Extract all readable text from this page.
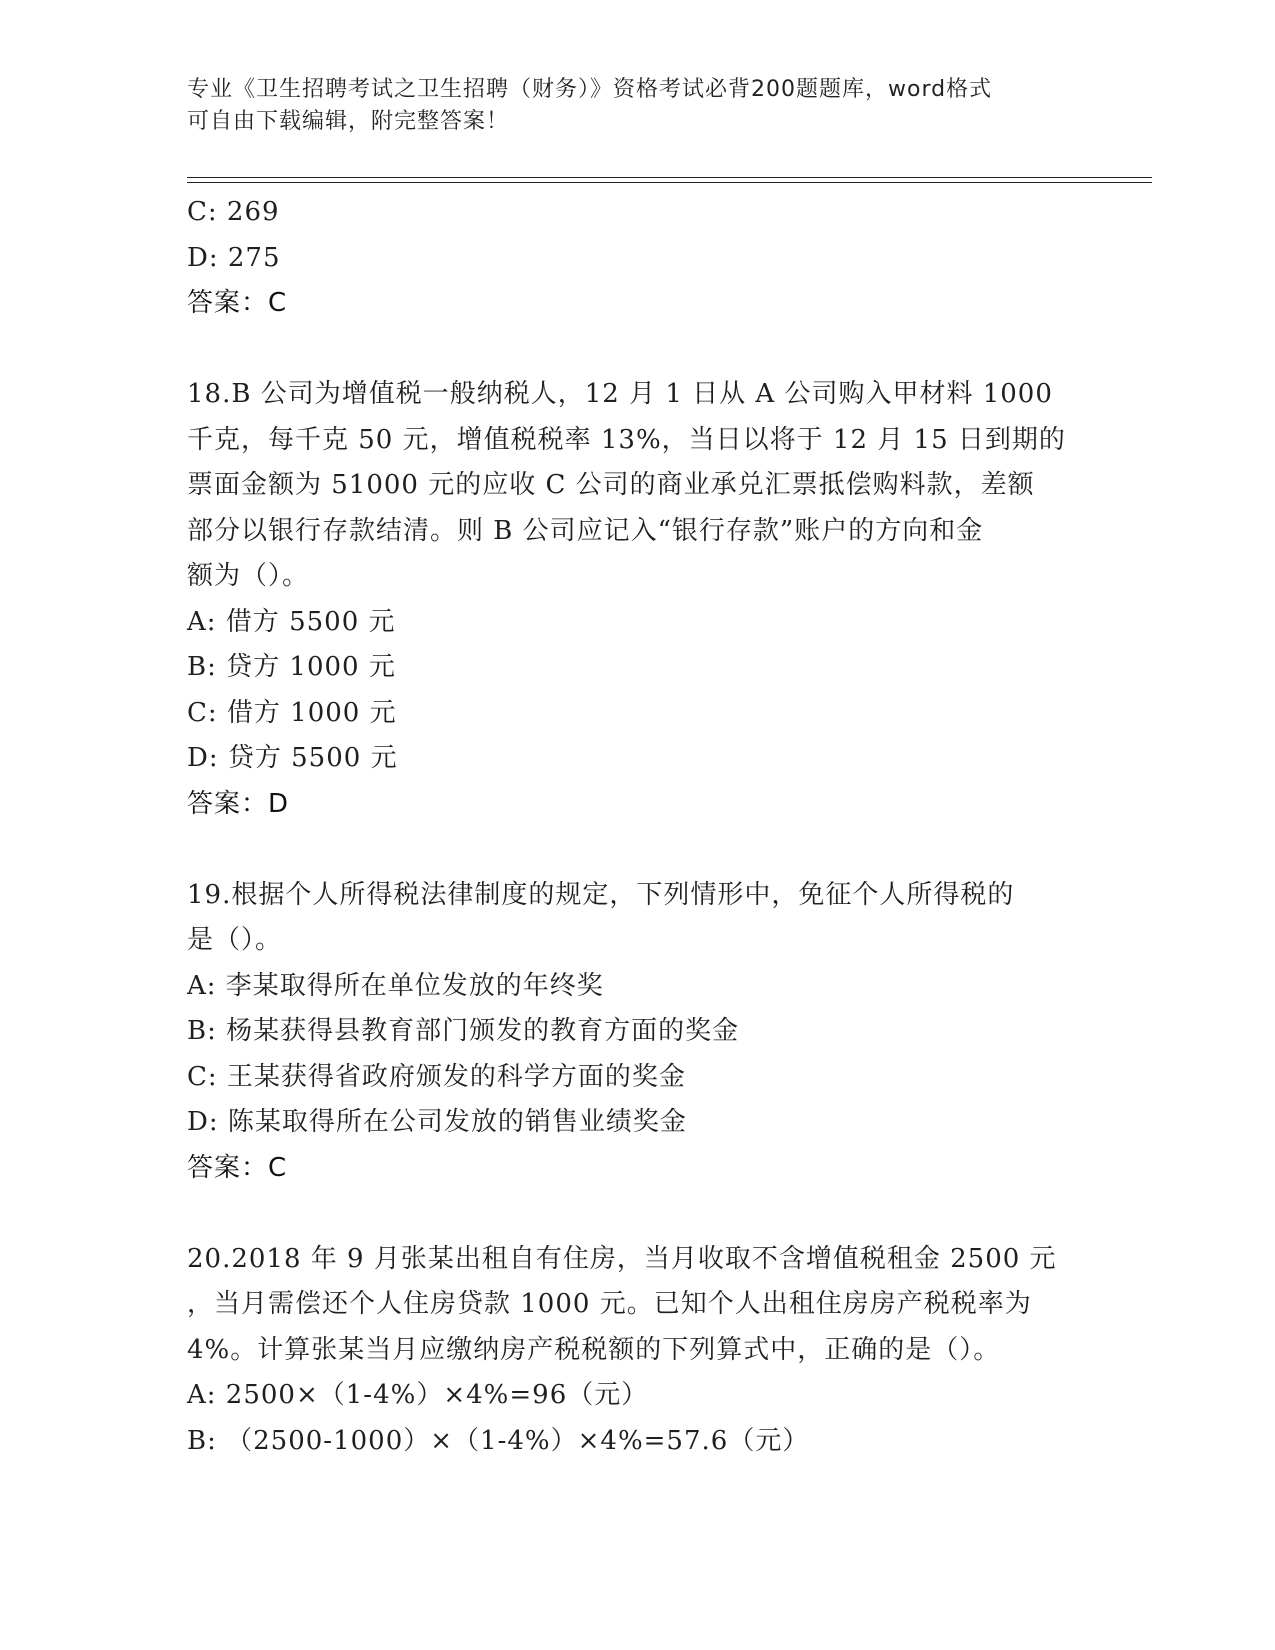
专业《卫生招聘考试之卫生招聘（财务）》资格考试必背200题题库，word格式
可自由下载编辑，附完整答案！
C: 269
D: 275
答案：C
18.B 公司为增值税一般纳税人，12 月 1 日从 A 公司购入甲材料 1000
千克，每千克 50 元，增值税税率 13%，当日以将于 12 月 15 日到期的
票面金额为 51000 元的应收 C 公司的商业承兑汇票抵偿购料款，差额
部分以银行存款结清。则 B 公司应记入“银行存款”账户的方向和金
额为（）。
A: 借方 5500 元
B: 贷方 1000 元
C: 借方 1000 元
D: 贷方 5500 元
答案：D
19.根据个人所得税法律制度的规定，下列情形中，免征个人所得税的
是（）。
A: 李某取得所在单位发放的年终奖
B: 杨某获得县教育部门颁发的教育方面的奖金
C: 王某获得省政府颁发的科学方面的奖金
D: 陈某取得所在公司发放的销售业绩奖金
答案：C
20.2018 年 9 月张某出租自有住房，当月收取不含增值税租金 2500 元
，当月需偿还个人住房贷款 1000 元。已知个人出租住房房产税税率为
4%。计算张某当月应缴纳房产税税额的下列算式中，正确的是（）。
A: 2500×（1-4%）×4%=96（元）
B: （2500-1000）×（1-4%）×4%=57.6（元）
